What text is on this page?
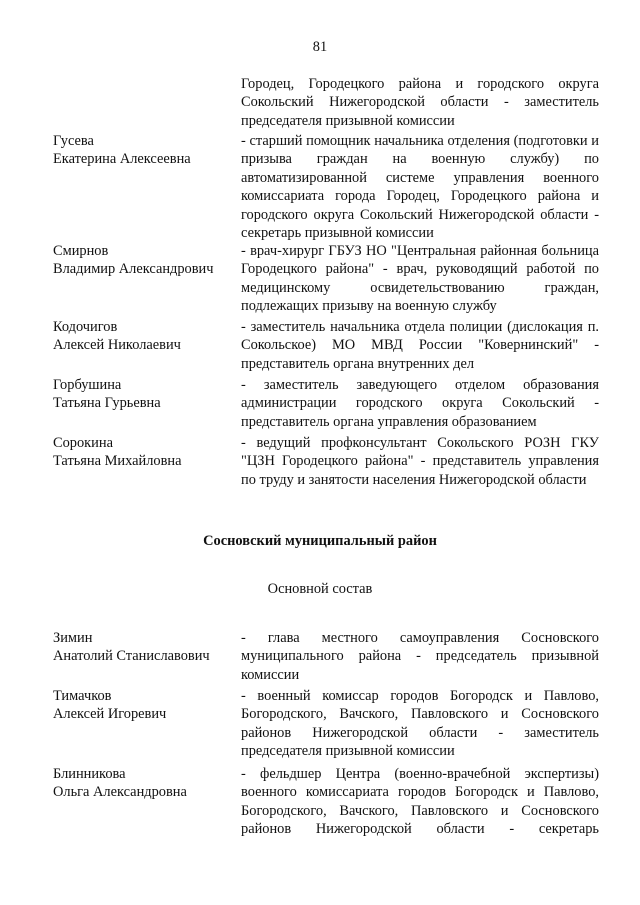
81
Городец, Городецкого района и городского округа Сокольский Нижегородской области - заместитель председателя призывной комиссии
Гусева
Екатерина Алексеевна
- старший помощник начальника отделения (подготовки и призыва граждан на военную службу) по автоматизированной системе управления военного комиссариата города Городец, Городецкого района и городского округа Сокольский Нижегородской области - секретарь призывной комиссии
Смирнов
Владимир Александрович
- врач-хирург ГБУЗ НО "Центральная районная больница Городецкого района" - врач, руководящий работой по медицинскому освидетельствованию граждан, подлежащих призыву на военную службу
Кодочигов
Алексей Николаевич
- заместитель начальника отдела полиции (дислокация п. Сокольское) МО МВД России "Ковернинский" - представитель органа внутренних дел
Горбушина
Татьяна Гурьевна
- заместитель заведующего отделом образования администрации городского округа Сокольский - представитель органа управления образованием
Сорокина
Татьяна Михайловна
- ведущий профконсультант Сокольского РОЗН ГКУ "ЦЗН Городецкого района" - представитель управления по труду и занятости населения Нижегородской области
Сосновский муниципальный район
Основной состав
Зимин
Анатолий Станиславович
- глава местного самоуправления Сосновского муниципального района - председатель призывной комиссии
Тимачков
Алексей Игоревич
- военный комиссар городов Богородск и Павлово, Богородского, Вачского, Павловского и Сосновского районов Нижегородской области - заместитель председателя призывной комиссии
Блинникова
Ольга Александровна
- фельдшер Центра (военно-врачебной экспертизы) военного комиссариата городов Богородск и Павлово, Богородского, Вачского, Павловского и Сосновского районов Нижегородской области - секретарь
